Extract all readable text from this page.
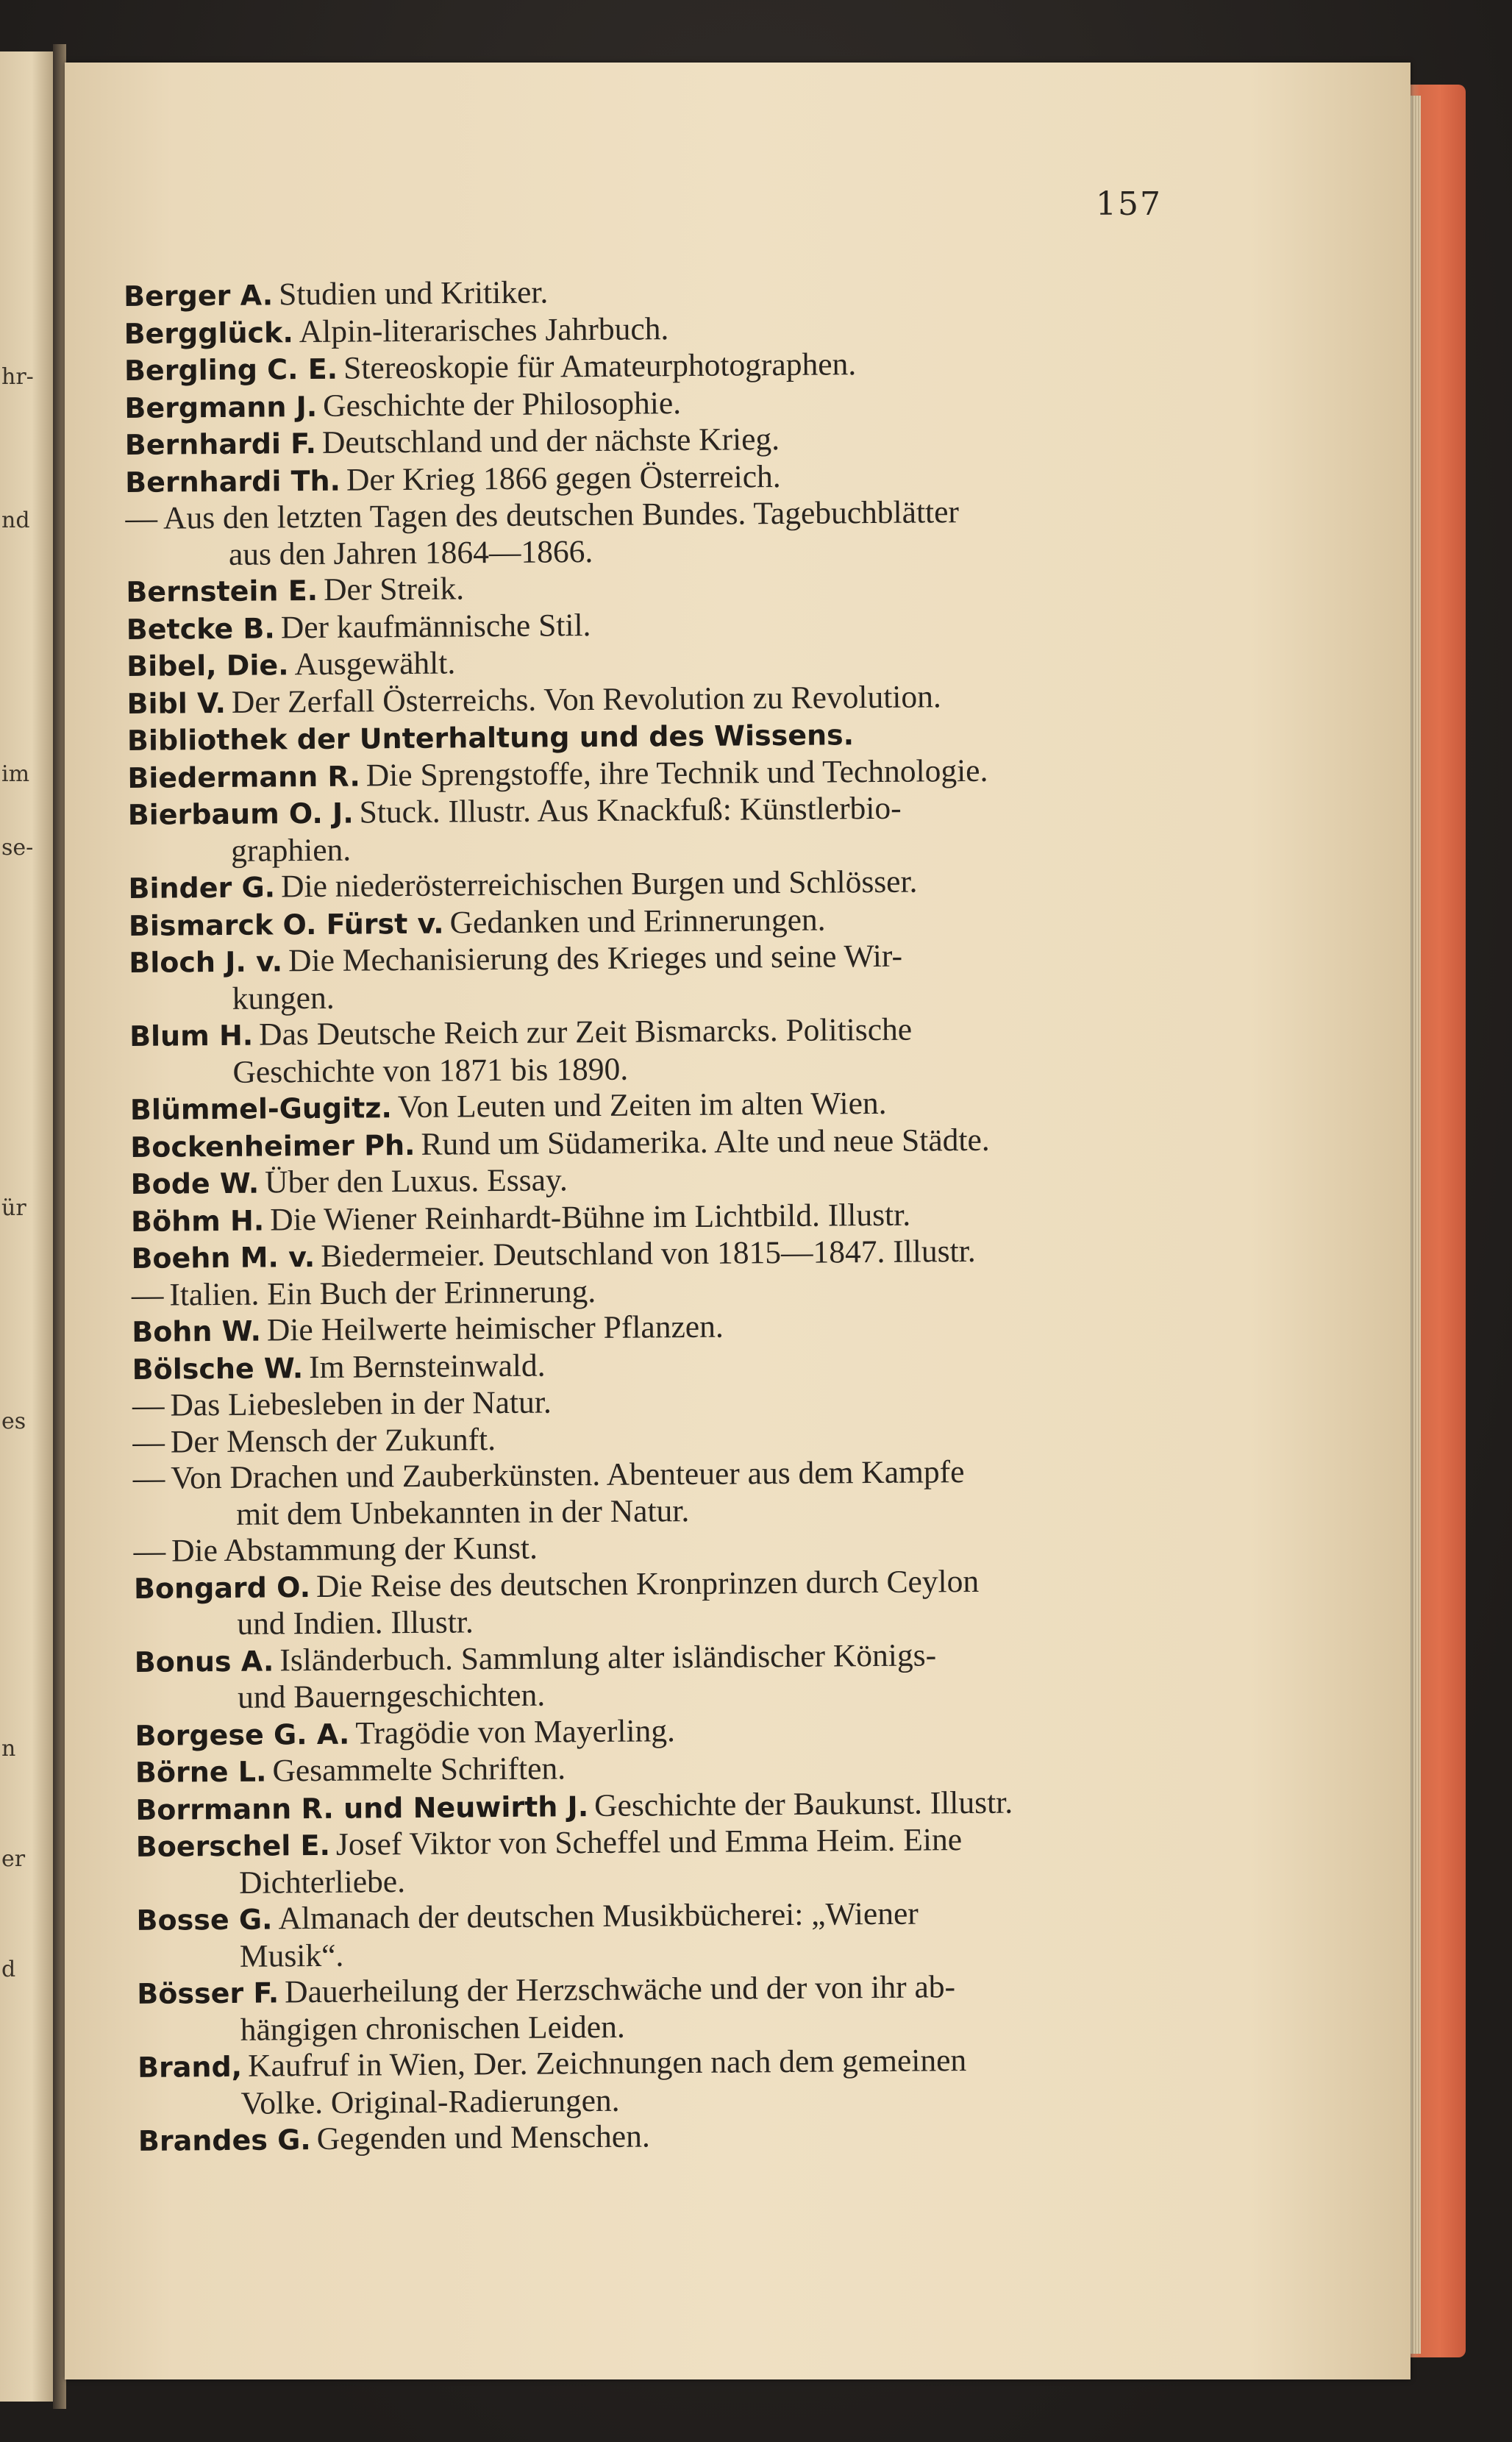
hr-
nd
im
se-
ür
es
n
er
d
157
Berger A. Studien und Kritiker.
Bergglück. Alpin-literarisches Jahrbuch.
Bergling C. E. Stereoskopie für Amateurphotographen.
Bergmann J. Geschichte der Philosophie.
Bernhardi F. Deutschland und der nächste Krieg.
Bernhardi Th. Der Krieg 1866 gegen Österreich.
— Aus den letzten Tagen des deutschen Bundes. Tagebuchblätter
aus den Jahren 1864—1866.
Bernstein E. Der Streik.
Betcke B. Der kaufmännische Stil.
Bibel, Die. Ausgewählt.
Bibl V. Der Zerfall Österreichs. Von Revolution zu Revolution.
Bibliothek der Unterhaltung und des Wissens.
Biedermann R. Die Sprengstoffe, ihre Technik und Technologie.
Bierbaum O. J. Stuck. Illustr. Aus Knackfuß: Künstlerbio-
graphien.
Binder G. Die niederösterreichischen Burgen und Schlösser.
Bismarck O. Fürst v. Gedanken und Erinnerungen.
Bloch J. v. Die Mechanisierung des Krieges und seine Wir-
kungen.
Blum H. Das Deutsche Reich zur Zeit Bismarcks. Politische
Geschichte von 1871 bis 1890.
Blümmel-Gugitz. Von Leuten und Zeiten im alten Wien.
Bockenheimer Ph. Rund um Südamerika. Alte und neue Städte.
Bode W. Über den Luxus. Essay.
Böhm H. Die Wiener Reinhardt-Bühne im Lichtbild. Illustr.
Boehn M. v. Biedermeier. Deutschland von 1815—1847. Illustr.
— Italien. Ein Buch der Erinnerung.
Bohn W. Die Heilwerte heimischer Pflanzen.
Bölsche W. Im Bernsteinwald.
— Das Liebesleben in der Natur.
— Der Mensch der Zukunft.
— Von Drachen und Zauberkünsten. Abenteuer aus dem Kampfe
mit dem Unbekannten in der Natur.
— Die Abstammung der Kunst.
Bongard O. Die Reise des deutschen Kronprinzen durch Ceylon
und Indien. Illustr.
Bonus A. Isländerbuch. Sammlung alter isländischer Königs-
und Bauerngeschichten.
Borgese G. A. Tragödie von Mayerling.
Börne L. Gesammelte Schriften.
Borrmann R. und Neuwirth J. Geschichte der Baukunst. Illustr.
Boerschel E. Josef Viktor von Scheffel und Emma Heim. Eine
Dichterliebe.
Bosse G. Almanach der deutschen Musikbücherei: „Wiener
Musik“.
Bösser F. Dauerheilung der Herzschwäche und der von ihr ab-
hängigen chronischen Leiden.
Brand, Kaufruf in Wien, Der. Zeichnungen nach dem gemeinen
Volke. Original-Radierungen.
Brandes G. Gegenden und Menschen.
